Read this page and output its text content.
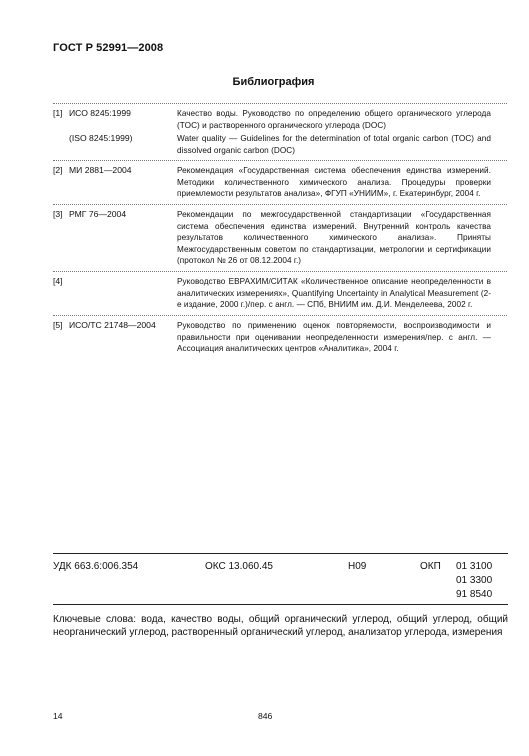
ГОСТ Р 52991—2008
Библиография
[1] ИСО 8245:1999	Качество воды. Руководство по определению общего органического углерода (TOC) и растворенного органического углерода (DOC)
(ISO 8245:1999)	Water quality — Guidelines for the determination of total organic carbon (TOC) and dissolved organic carbon (DOC)
[2] МИ 2881—2004	Рекомендация «Государственная система обеспечения единства измерений. Методики количественного химического анализа. Процедуры проверки приемлемости результатов анализа», ФГУП «УНИИМ», г. Екатеринбург, 2004 г.
[3] РМГ 76—2004	Рекомендации по межгосударственной стандартизации «Государственная система обеспечения единства измерений. Внутренний контроль качества результатов количественного химического анализа». Приняты Межгосударственным советом по стандартизации, метрологии и сертификации (протокол № 26 от 08.12.2004 г.)
[4]	Руководство ЕВРАХИМ/СИТАК «Количественное описание неопределенности в аналитических измерениях», Quantifying Uncertainty in Analytical Measurement (2-е издание, 2000 г.)/пер. с англ. — СПб, ВНИИМ им. Д.И. Менделеева, 2002 г.
[5] ИСО/ТС 21748—2004	Руководство по применению оценок повторяемости, воспроизводимости и правильности при оценивании неопределенности измерения/пер. с англ. — Ассоциация аналитических центров «Аналитика», 2004 г.
УДК 663.6:006.354	ОКС 13.060.45	H09	ОКП 01 3100
01 3300
91 8540
Ключевые слова: вода, качество воды, общий органический углерод, общий углерод, общий неорганический углерод, растворенный органический углерод, анализатор углерода, измерения
14	846
